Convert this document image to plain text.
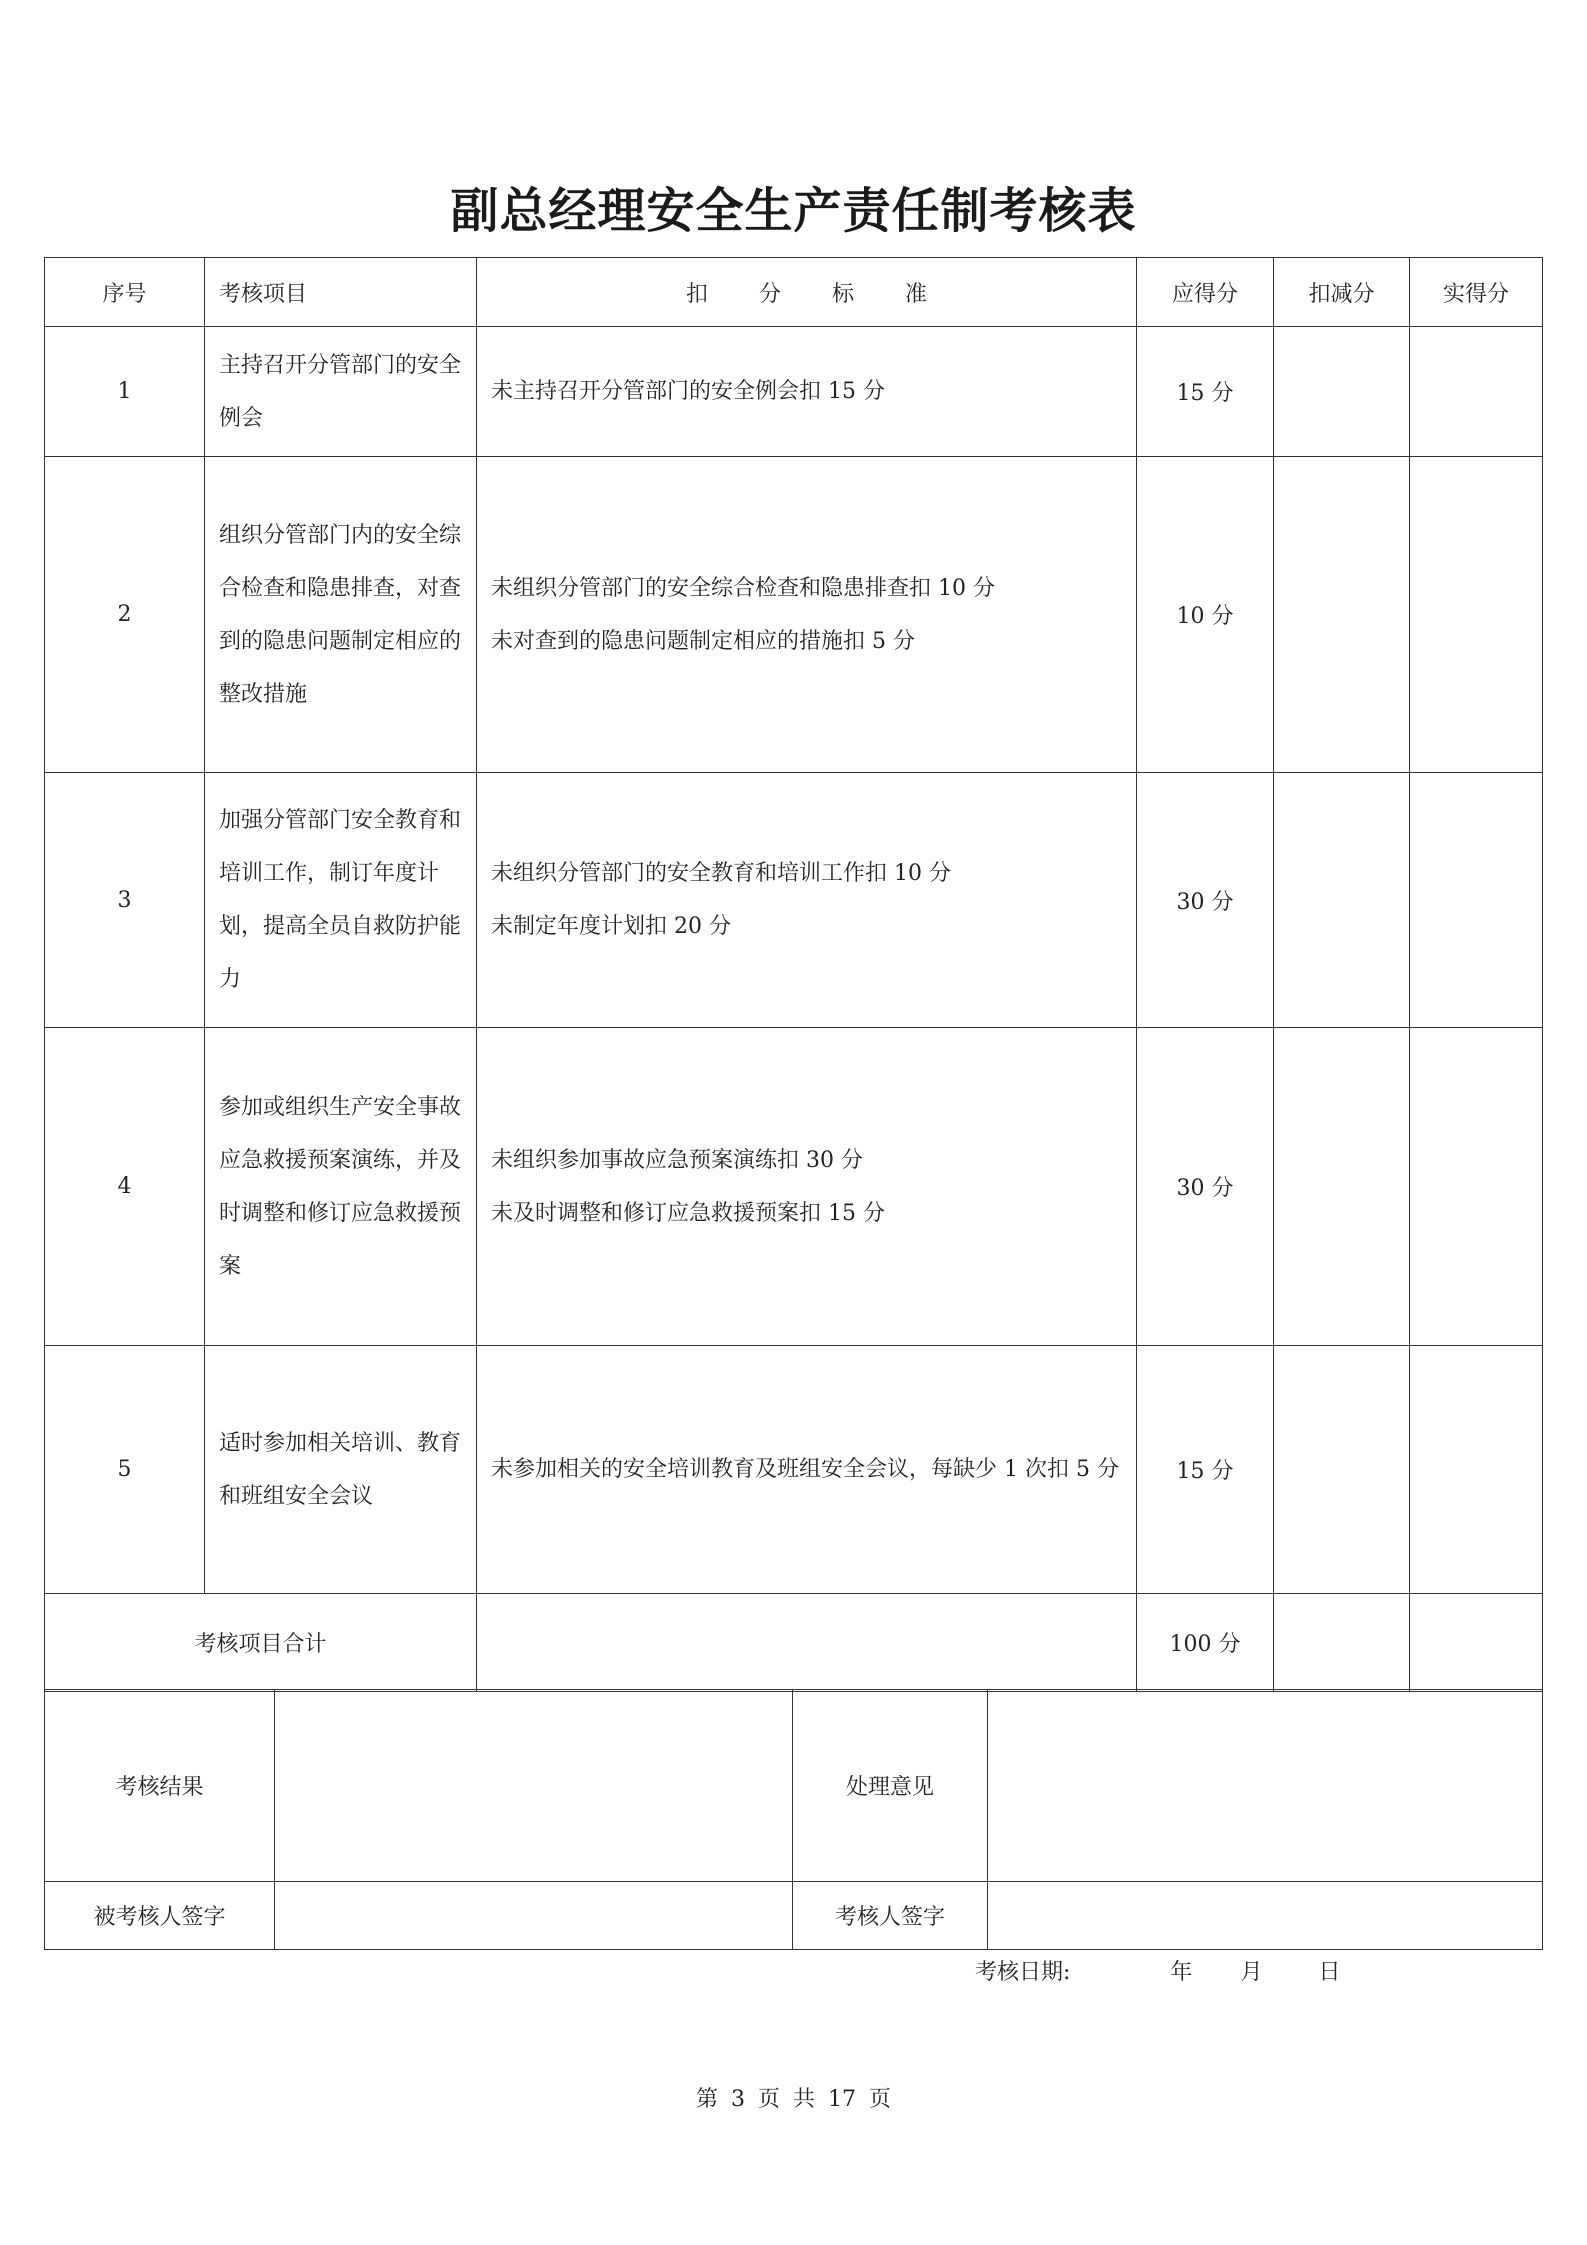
副总经理安全生产责任制考核表
序号	考核项目	扣 分 标 准	应得分	扣减分	实得分
1	主持召开分管部门的安全例会	未主持召开分管部门的安全例会扣 15 分	15 分		
2	组织分管部门内的安全综合检查和隐患排查，对查到的隐患问题制定相应的整改措施	未组织分管部门的安全综合检查和隐患排查扣 10 分
未对查到的隐患问题制定相应的措施扣 5 分	10 分		
3	加强分管部门安全教育和培训工作，制订年度计划，提高全员自救防护能力	未组织分管部门的安全教育和培训工作扣 10 分
未制定年度计划扣 20 分	30 分		
4	参加或组织生产安全事故应急救援预案演练，并及时调整和修订应急救援预案	未组织参加事故应急预案演练扣 30 分
未及时调整和修订应急救援预案扣 15 分	30 分		
5	适时参加相关培训、教育和班组安全会议	未参加相关的安全培训教育及班组安全会议，每缺少 1 次扣 5 分	15 分		
考核项目合计			100 分		
考核结果		处理意见	
被考核人签字		考核人签字	
考核日期:	年 月	日
第 3 页 共 17 页
